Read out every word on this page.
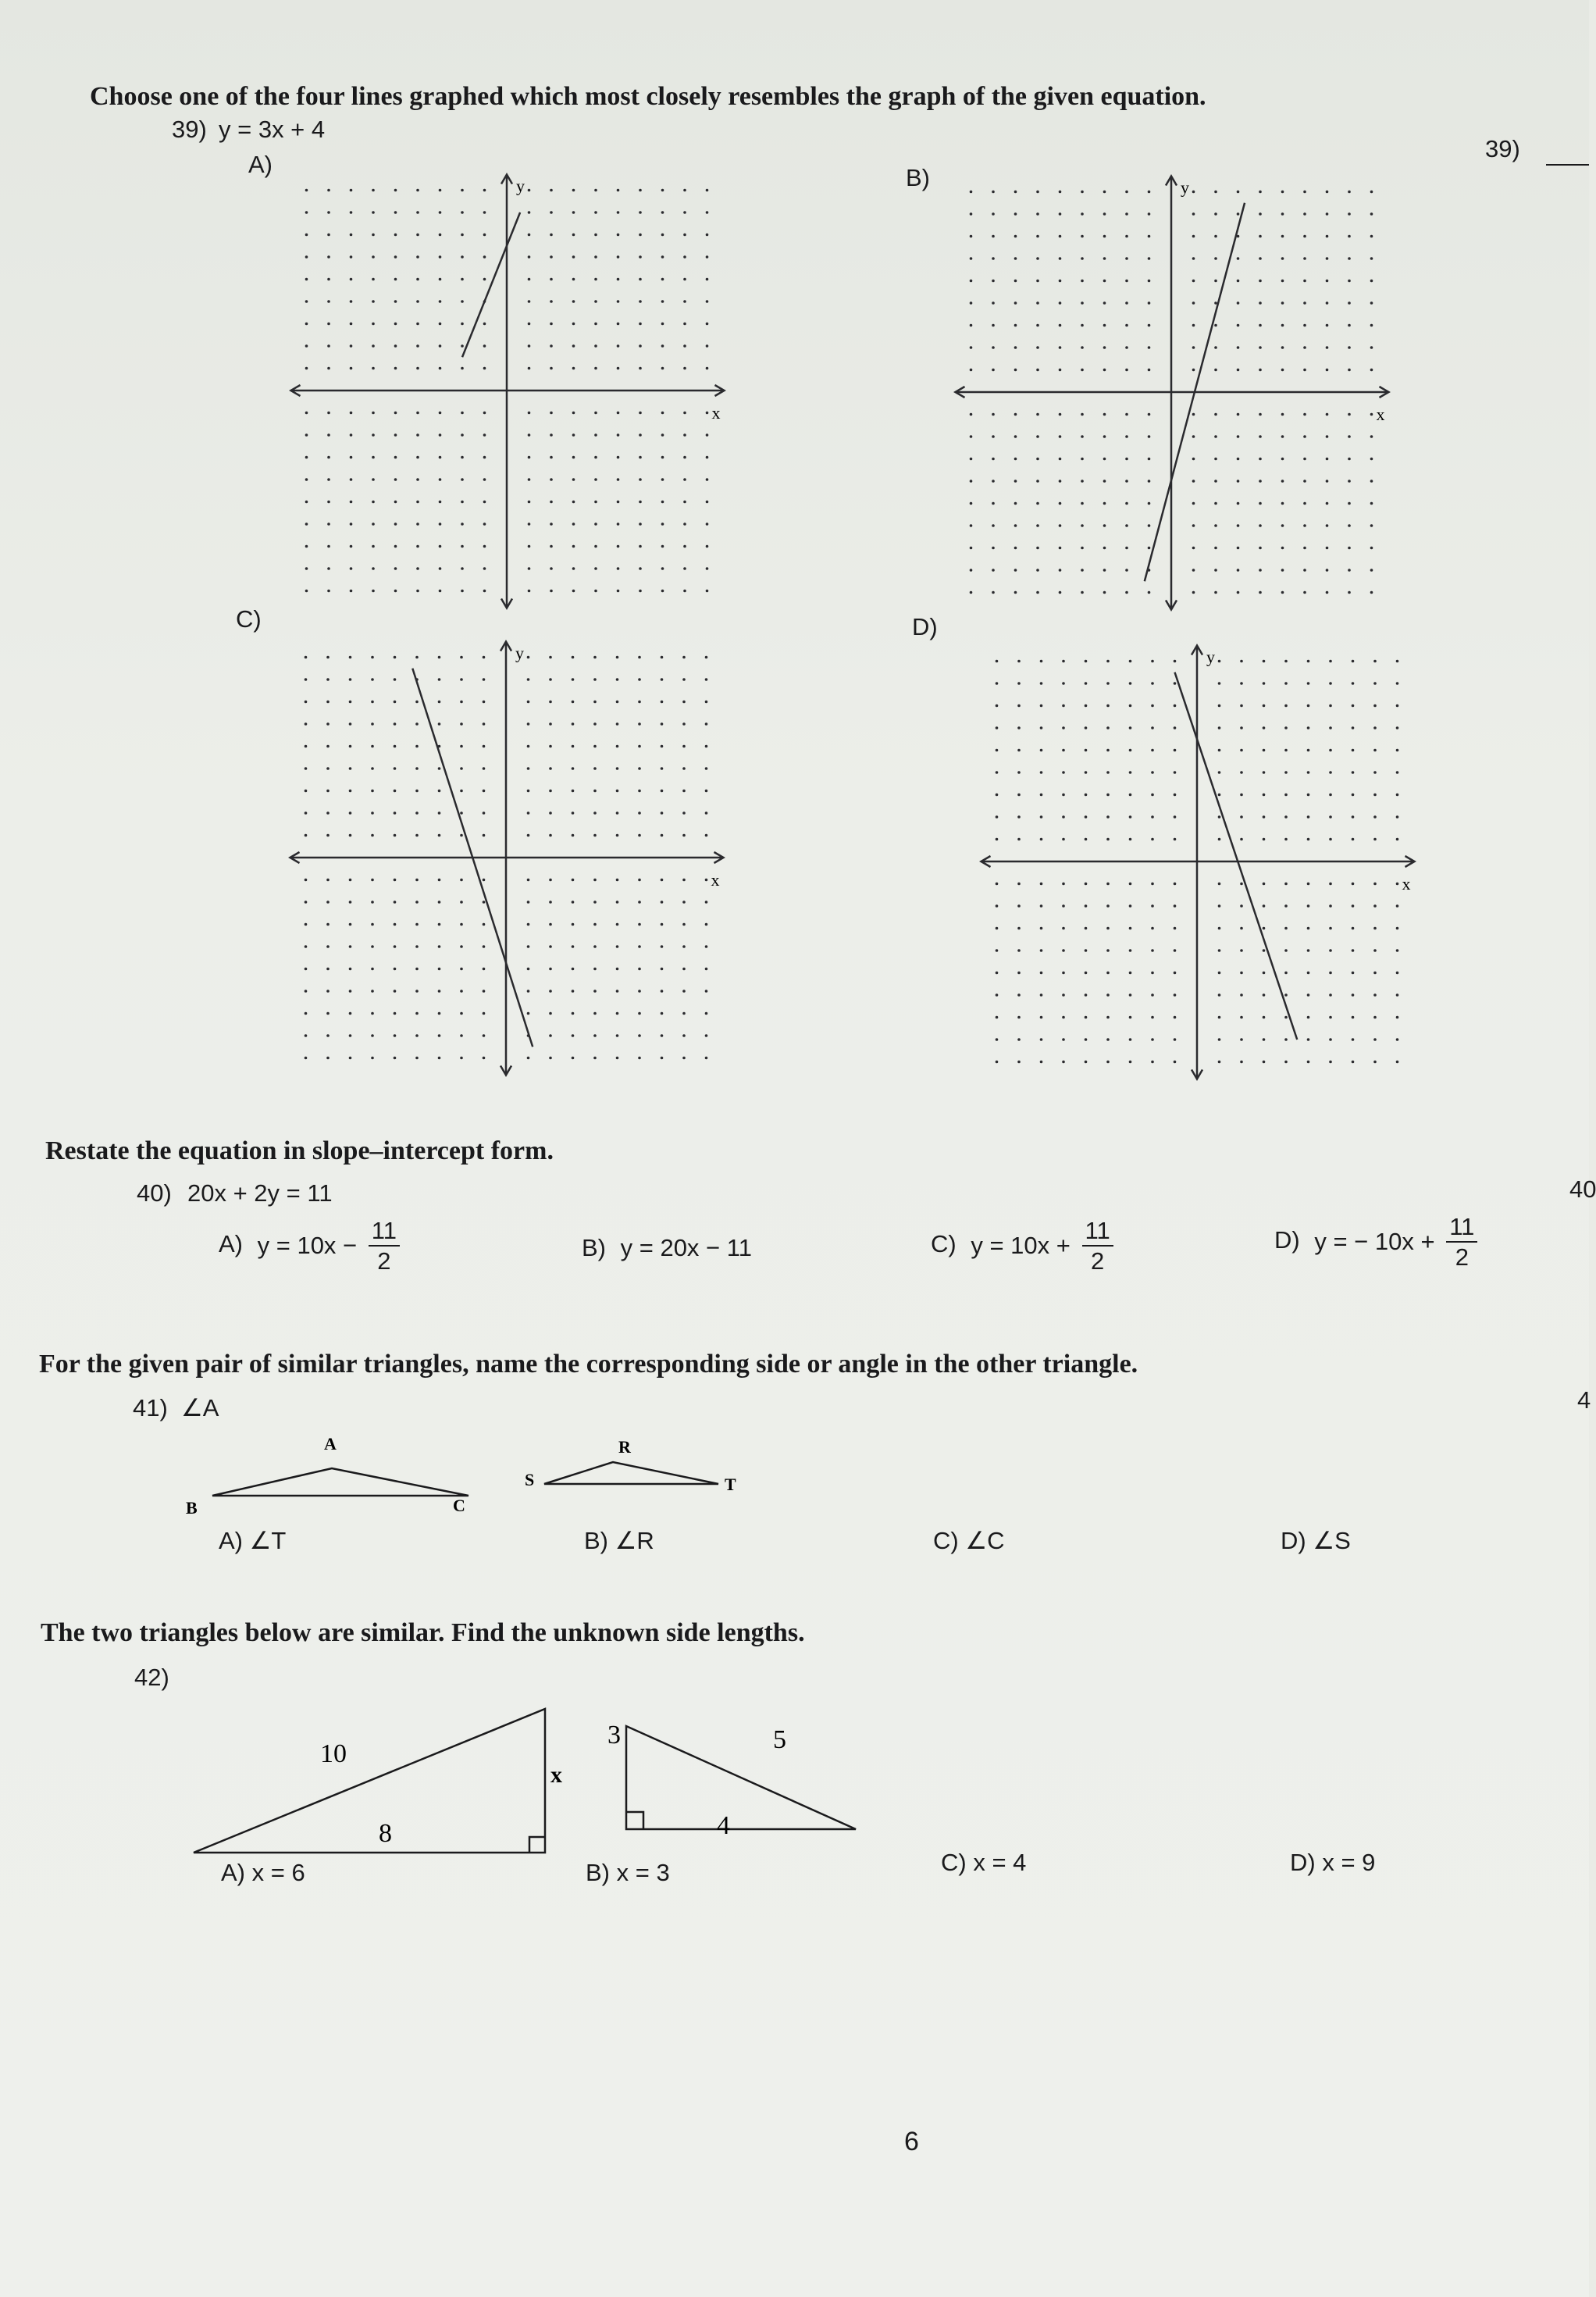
Choose one of the four lines graphed which most closely resembles the graph of the given equation.
39) y = 3x + 4
39)
A)	B)
C)	D)
x
y
x
y
x
y
x
y
Restate the equation in slope–intercept form.
40) 20x + 2y = 11	40
A) $y = 10x - \frac{11}{2}$	B) y = 20x − 11	C) $y = 10x + \frac{11}{2}$	D) y = − $10x + \frac{11}{2}$
For the given pair of similar triangles, name the corresponding side or angle in the other triangle.
41) ∠A	4
A
B	C
R
S	T
A) ∠T	B) ∠R	C) ∠C	D) ∠S
The two triangles below are similar. Find the unknown side lengths.
42)
10
8
x
3	5
4
A) x = 6	B) x = 3	C) x = 4	D) x = 9
6
